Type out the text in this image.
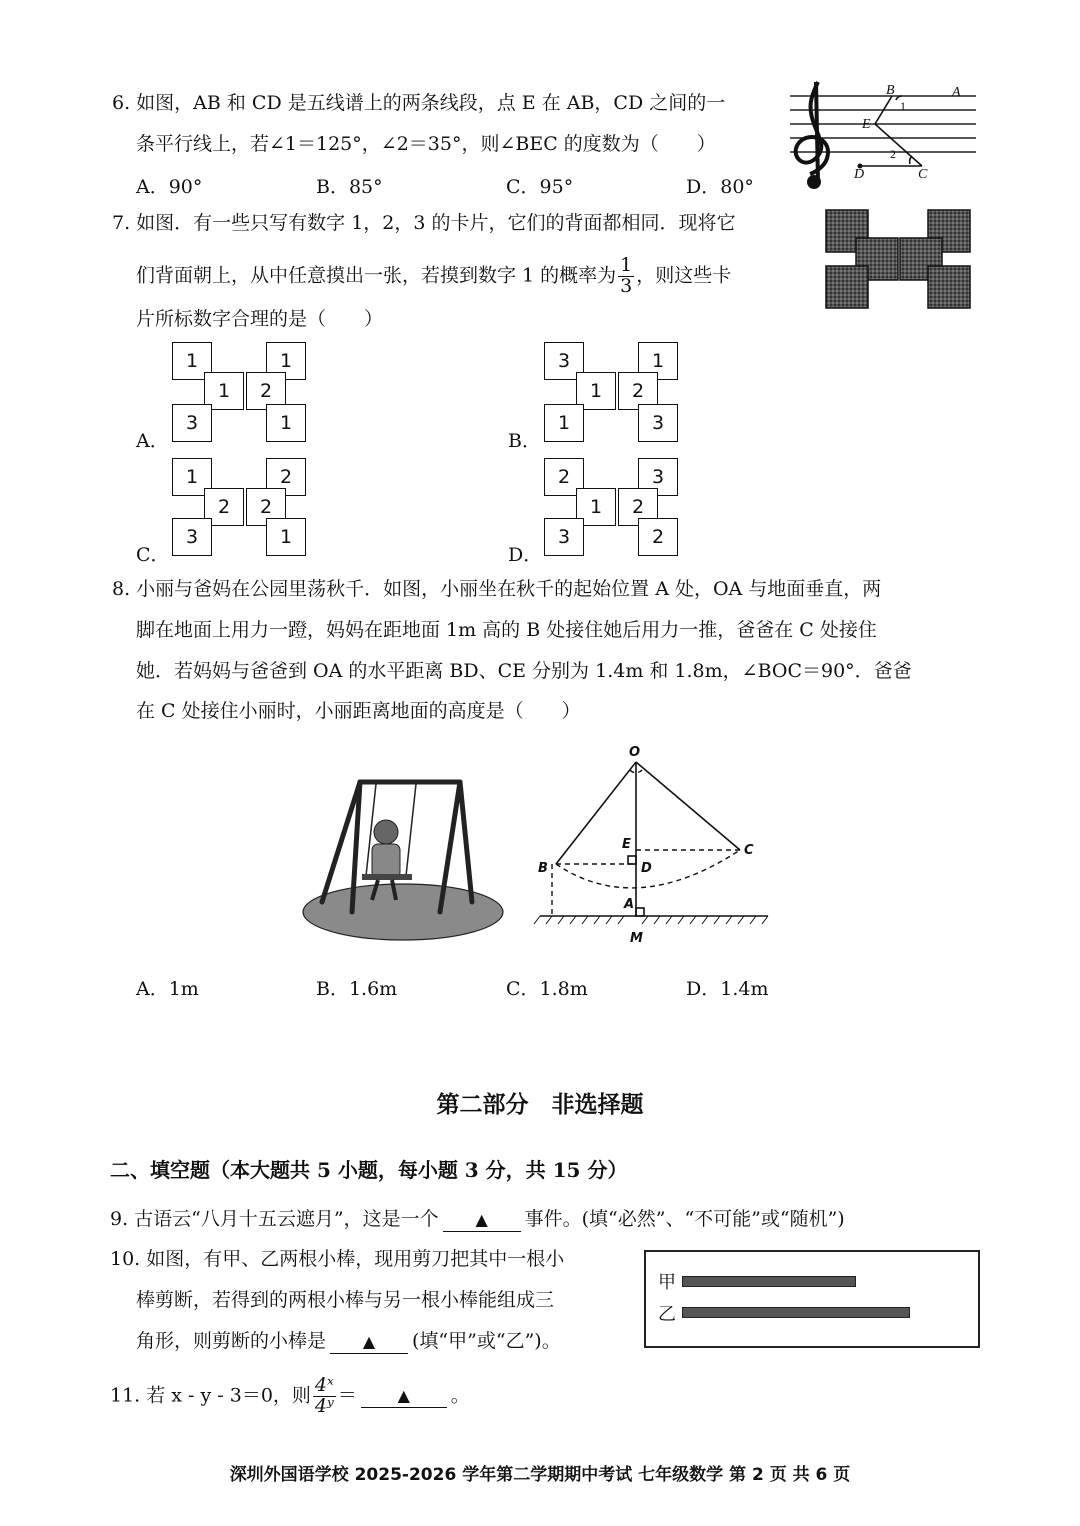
6. 如图，AB 和 CD 是五线谱上的两条线段，点 E 在 AB，CD 之间的一
条平行线上，若∠1＝125°，∠2＝35°，则∠BEC 的度数为（　　）
A．90°	B．85°	C．95°	D．80°
B	A
E
D	C
1
2
7. 如图．有一些只写有数字 1，2，3 的卡片，它们的背面都相同．现将它
们背面朝上，从中任意摸出一张，若摸到数字 1 的概率为 $\frac{1}{3}$ ，则这些卡
片所标数字合理的是（　　）
A．
1
1
3
1
2
1
B．
3
1
1
1
2
3
C．
1
2
3
2
2
1
D．
2
1
3
3
2
2
8. 小丽与爸妈在公园里荡秋千．如图，小丽坐在秋千的起始位置 A 处，OA 与地面垂直，两
脚在地面上用力一蹬，妈妈在距地面 1m 高的 B 处接住她后用力一推，爸爸在 C 处接住
她．若妈妈与爸爸到 OA 的水平距离 BD、CE 分别为 1.4m 和 1.8m，∠BOC＝90°．爸爸
在 C 处接住小丽时，小丽距离地面的高度是（　　）
O
E	C
B	D
A
M
A．1m	B．1.6m	C．1.8m	D．1.4m
第二部分　非选择题
二、填空题（本大题共 5 小题，每小题 3 分，共 15 分）
9. 古语云“八月十五云遮月”，这是一个 ▲ 事件。(填“必然”、“不可能”或“随机”)
10. 如图，有甲、乙两根小棒，现用剪刀把其中一根小
棒剪断，若得到的两根小棒与另一根小棒能组成三
角形，则剪断的小棒是 ▲ (填“甲”或“乙”)。
甲
乙
11. 若 x - y - 3＝0，则 $\frac{\text{4ˣ}}{\text{4ʸ}}$ ＝	▲ 。
深圳外国语学校 2025-2026 学年第二学期期中考试 七年级数学 第 2 页 共 6 页
